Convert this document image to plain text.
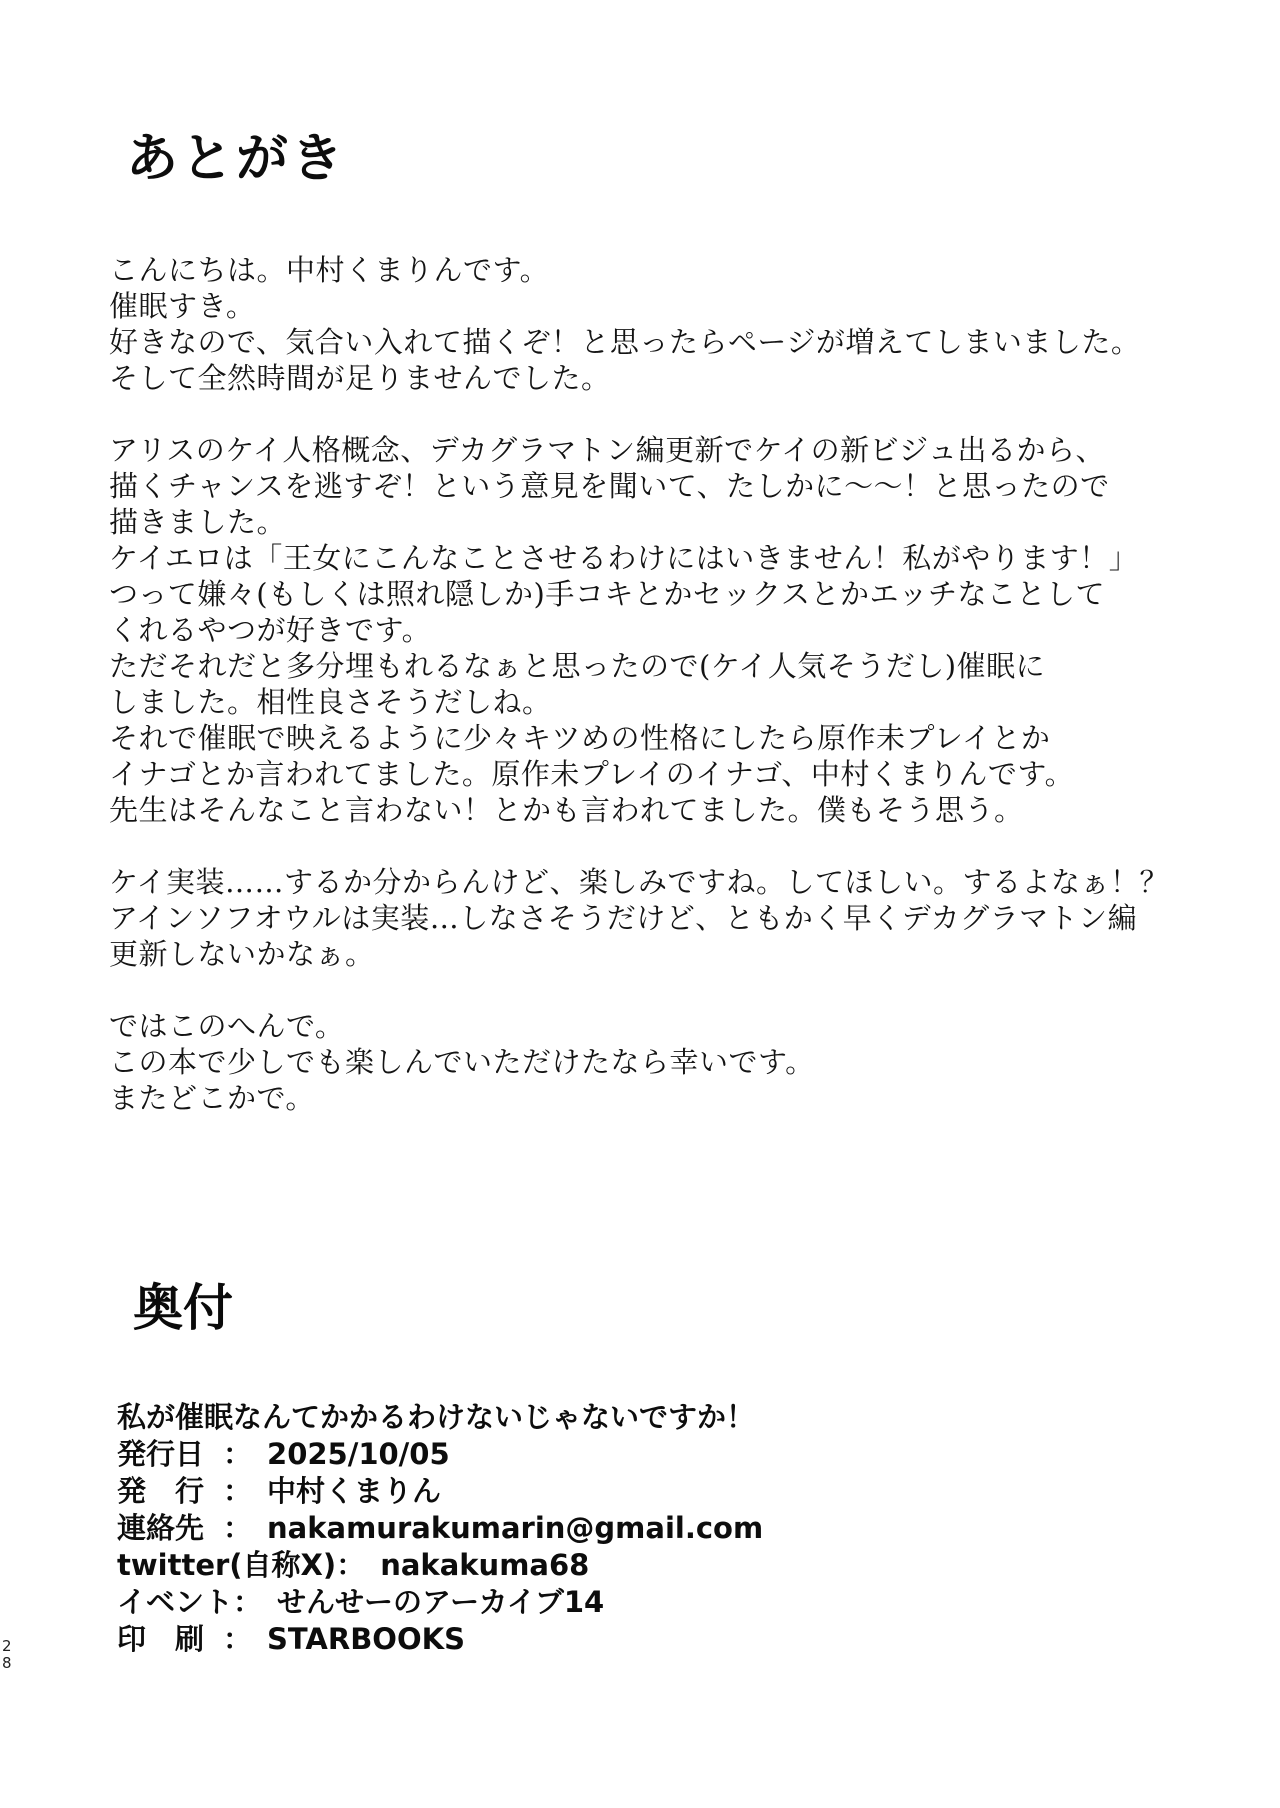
あとがき
こんにちは。中村くまりんです。
催眠すき。
好きなので、気合い入れて描くぞ！と思ったらページが増えてしまいました。
そして全然時間が足りませんでした。
アリスのケイ人格概念、デカグラマトン編更新でケイの新ビジュ出るから、
描くチャンスを逃すぞ！という意見を聞いて、たしかに～～！と思ったので
描きました。
ケイエロは「王女にこんなことさせるわけにはいきません！私がやります！」
つって嫌々(もしくは照れ隠しか)手コキとかセックスとかエッチなことして
くれるやつが好きです。
ただそれだと多分埋もれるなぁと思ったので(ケイ人気そうだし)催眠に
しました。相性良さそうだしね。
それで催眠で映えるように少々キツめの性格にしたら原作未プレイとか
イナゴとか言われてました。原作未プレイのイナゴ、中村くまりんです。
先生はそんなこと言わない！とかも言われてました。僕もそう思う。
ケイ実装……するか分からんけど、楽しみですね。してほしい。するよなぁ！？
アインソフオウルは実装…しなさそうだけど、ともかく早くデカグラマトン編
更新しないかなぁ。
ではこのへんで。
この本で少しでも楽しんでいただけたなら幸いです。
またどこかで。
奥付
私が催眠なんてかかるわけないじゃないですか！
発行日 ： 2025/10/05
発　行 ： 中村くまりん
連絡先 ： nakamurakumarin@gmail.com
twitter(自称X) ： nakakuma68
イベント ： せんせーのアーカイブ14
印　刷 ： STARBOOKS
28
